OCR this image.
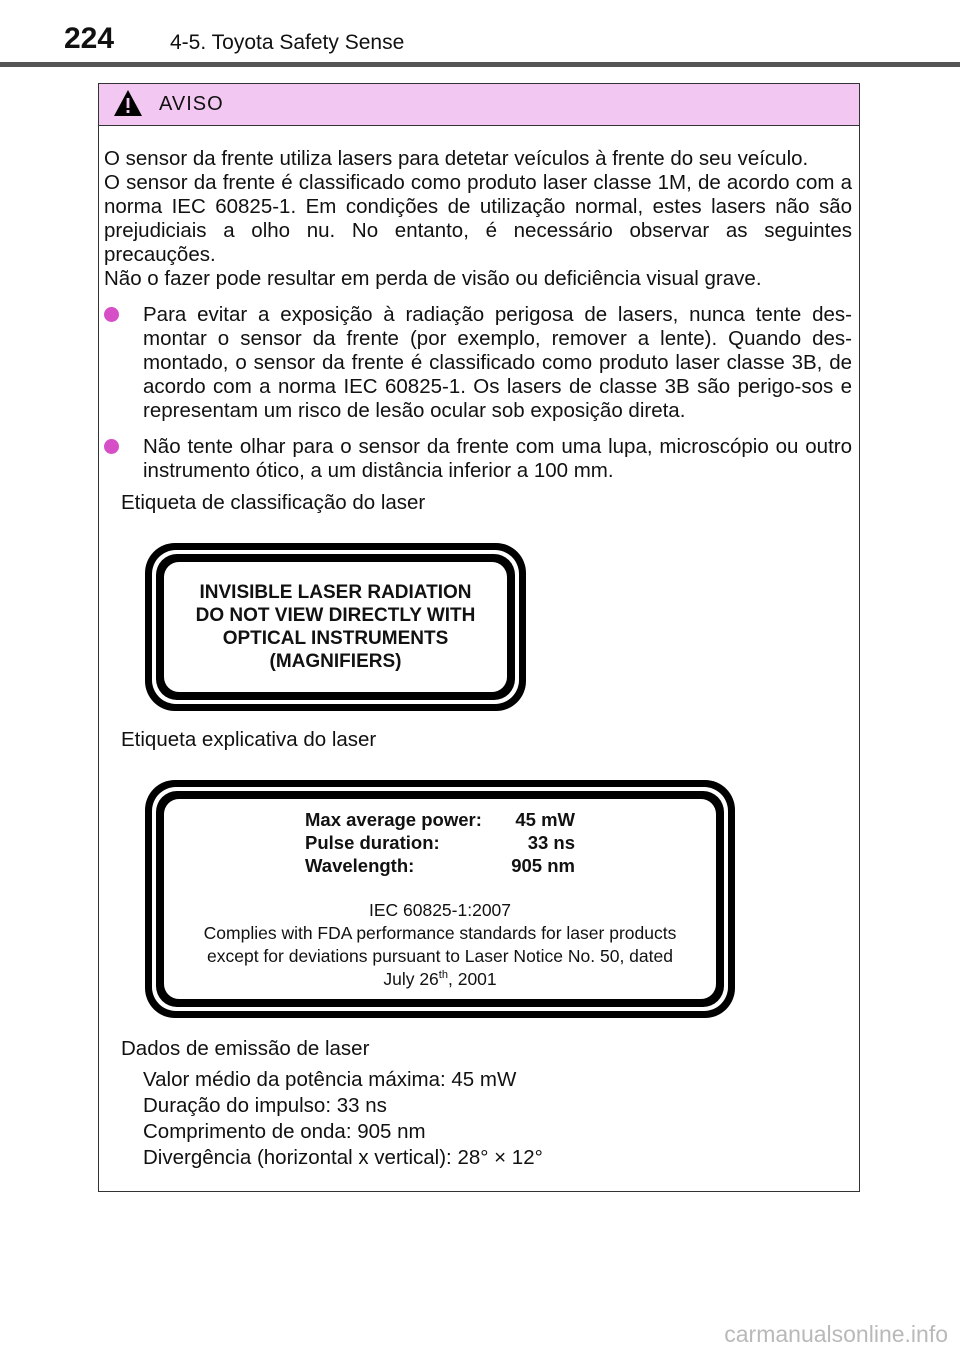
224	4-5. Toyota Safety Sense
AVISO
O sensor da frente utiliza lasers para detetar veículos à frente do seu veículo.
O sensor da frente é classificado como produto laser classe 1M, de acordo com a norma IEC 60825-1. Em condições de utilização normal, estes lasers não são prejudiciais a olho nu. No entanto, é necessário observar as seguintes precauções.
Não o fazer pode resultar em perda de visão ou deficiência visual grave.
Para evitar a exposição à radiação perigosa de lasers, nunca tente des-montar o sensor da frente (por exemplo, remover a lente). Quando des-montado, o sensor da frente é classificado como produto laser classe 3B, de acordo com a norma IEC 60825-1. Os lasers de classe 3B são perigo-sos e representam um risco de lesão ocular sob exposição direta.
Não tente olhar para o sensor da frente com uma lupa, microscópio ou outro instrumento ótico, a um distância inferior a 100 mm.
Etiqueta de classificação do laser
INVISIBLE LASER RADIATION
DO NOT VIEW DIRECTLY WITH
OPTICAL INSTRUMENTS
(MAGNIFIERS)
Etiqueta explicativa do laser
Max average power:	45 mW
Pulse duration:	33 ns
Wavelength:	905 nm
IEC 60825-1:2007
Complies with FDA performance standards for laser products
except for deviations pursuant to Laser Notice No. 50, dated
July 26th, 2001
Dados de emissão de laser
Valor médio da potência máxima: 45 mW
Duração do impulso: 33 ns
Comprimento de onda: 905 nm
Divergência (horizontal x vertical): 28° × 12°
carmanualsonline.info
